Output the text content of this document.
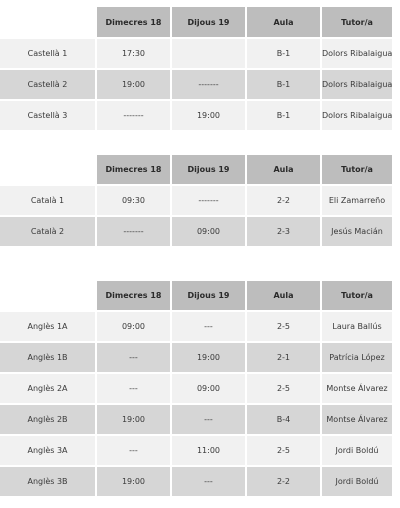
	Dimecres 18	Dijous 19	Aula	Tutor/a
Castellà 1	17:30		B-1	Dolors Ribalaigua
Castellà 2	19:00	-------	B-1	Dolors Ribalaigua
Castellà 3	-------	19:00	B-1	Dolors Ribalaigua
	Dimecres 18	Dijous 19	Aula	Tutor/a
Català 1	09:30	-------	2-2	Eli Zamarreño
Català 2	-------	09:00	2-3	Jesús Macián
	Dimecres 18	Dijous 19	Aula	Tutor/a
Anglès 1A	09:00	---	2-5	Laura Ballús
Anglès 1B	---	19:00	2-1	Patrícia López
Anglès 2A	---	09:00	2-5	Montse Álvarez
Anglès 2B	19:00	---	B-4	Montse Álvarez
Anglès 3A	---	11:00	2-5	Jordi Boldú
Anglès 3B	19:00	---	2-2	Jordi Boldú
